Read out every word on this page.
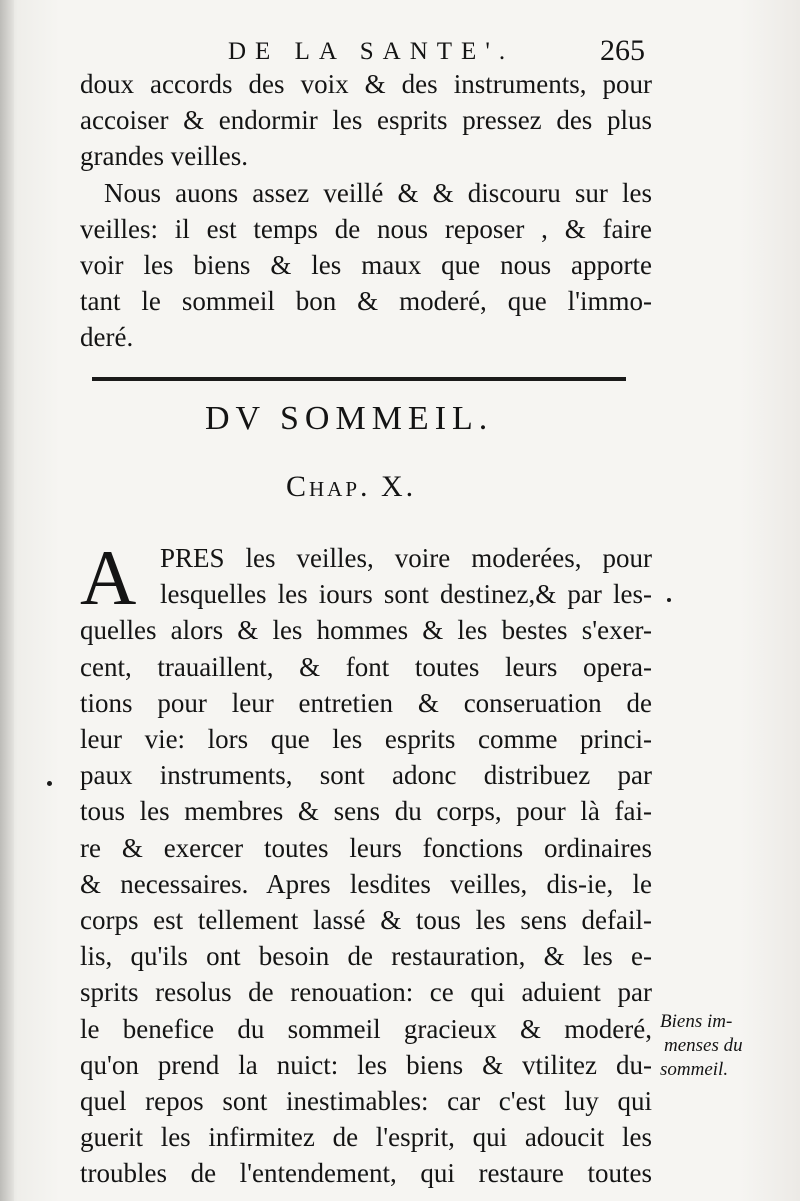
DE LA SANTE'.	265
doux accords des voix & des instruments, pour
accoiser & endormir les esprits pressez des plus
grandes veilles.
Nous auons assez veillé & & discouru sur les
veilles: il est temps de nous reposer , & faire
voir les biens & les maux que nous apporte
tant le sommeil bon & moderé, que l'immo-
deré.
DV SOMMEIL.
Chap. X.
A PRES les veilles, voire moderées, pour
lesquelles les iours sont destinez,& par les-
quelles alors & les hommes & les bestes s'exer-
cent, trauaillent, & font toutes leurs opera-
tions pour leur entretien & conseruation de
leur vie: lors que les esprits comme princi-
paux instruments, sont adonc distribuez par
tous les membres & sens du corps, pour là fai-
re & exercer toutes leurs fonctions ordinaires
& necessaires. Apres lesdites veilles, dis-ie, le
corps est tellement lassé & tous les sens defail-
lis, qu'ils ont besoin de restauration, & les e-
sprits resolus de renouation: ce qui aduient par
le benefice du sommeil gracieux & moderé,
qu'on prend la nuict: les biens & vtilitez du-
quel repos sont inestimables: car c'est luy qui
guerit les infirmitez de l'esprit, qui adoucit les
troubles de l'entendement, qui restaure toutes
Biens im-
menses du
sommeil.
